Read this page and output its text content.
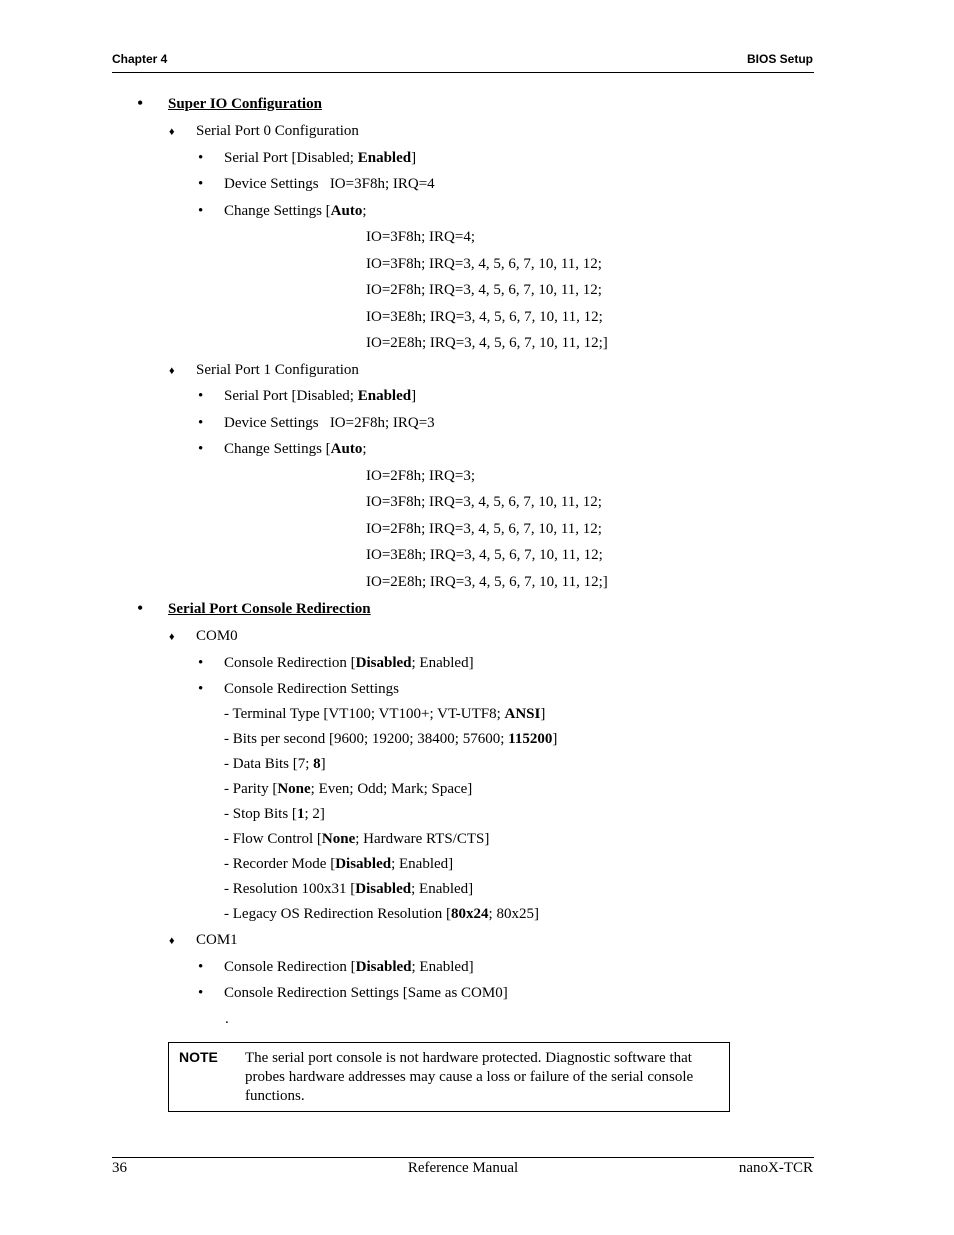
Chapter 4	BIOS Setup
• Super IO Configuration
♦ Serial Port 0 Configuration
• Serial Port [Disabled; Enabled]
• Device Settings   IO=3F8h; IRQ=4
• Change Settings [Auto;
IO=3F8h; IRQ=4;
IO=3F8h; IRQ=3, 4, 5, 6, 7, 10, 11, 12;
IO=2F8h; IRQ=3, 4, 5, 6, 7, 10, 11, 12;
IO=3E8h; IRQ=3, 4, 5, 6, 7, 10, 11, 12;
IO=2E8h; IRQ=3, 4, 5, 6, 7, 10, 11, 12;]
♦ Serial Port 1 Configuration
• Serial Port [Disabled; Enabled]
• Device Settings   IO=2F8h; IRQ=3
• Change Settings [Auto;
IO=2F8h; IRQ=3;
IO=3F8h; IRQ=3, 4, 5, 6, 7, 10, 11, 12;
IO=2F8h; IRQ=3, 4, 5, 6, 7, 10, 11, 12;
IO=3E8h; IRQ=3, 4, 5, 6, 7, 10, 11, 12;
IO=2E8h; IRQ=3, 4, 5, 6, 7, 10, 11, 12;]
• Serial Port Console Redirection
♦ COM0
• Console Redirection [Disabled; Enabled]
• Console Redirection Settings
- Terminal Type [VT100; VT100+; VT-UTF8; ANSI]
- Bits per second [9600; 19200; 38400; 57600; 115200]
- Data Bits [7; 8]
- Parity [None; Even; Odd; Mark; Space]
- Stop Bits [1; 2]
- Flow Control [None; Hardware RTS/CTS]
- Recorder Mode [Disabled; Enabled]
- Resolution 100x31 [Disabled; Enabled]
- Legacy OS Redirection Resolution [80x24; 80x25]
♦ COM1
• Console Redirection [Disabled; Enabled]
• Console Redirection Settings [Same as COM0]
.
NOTE The serial port console is not hardware protected. Diagnostic software that probes hardware addresses may cause a loss or failure of the serial console functions.
36	Reference Manual	nanoX-TCR
